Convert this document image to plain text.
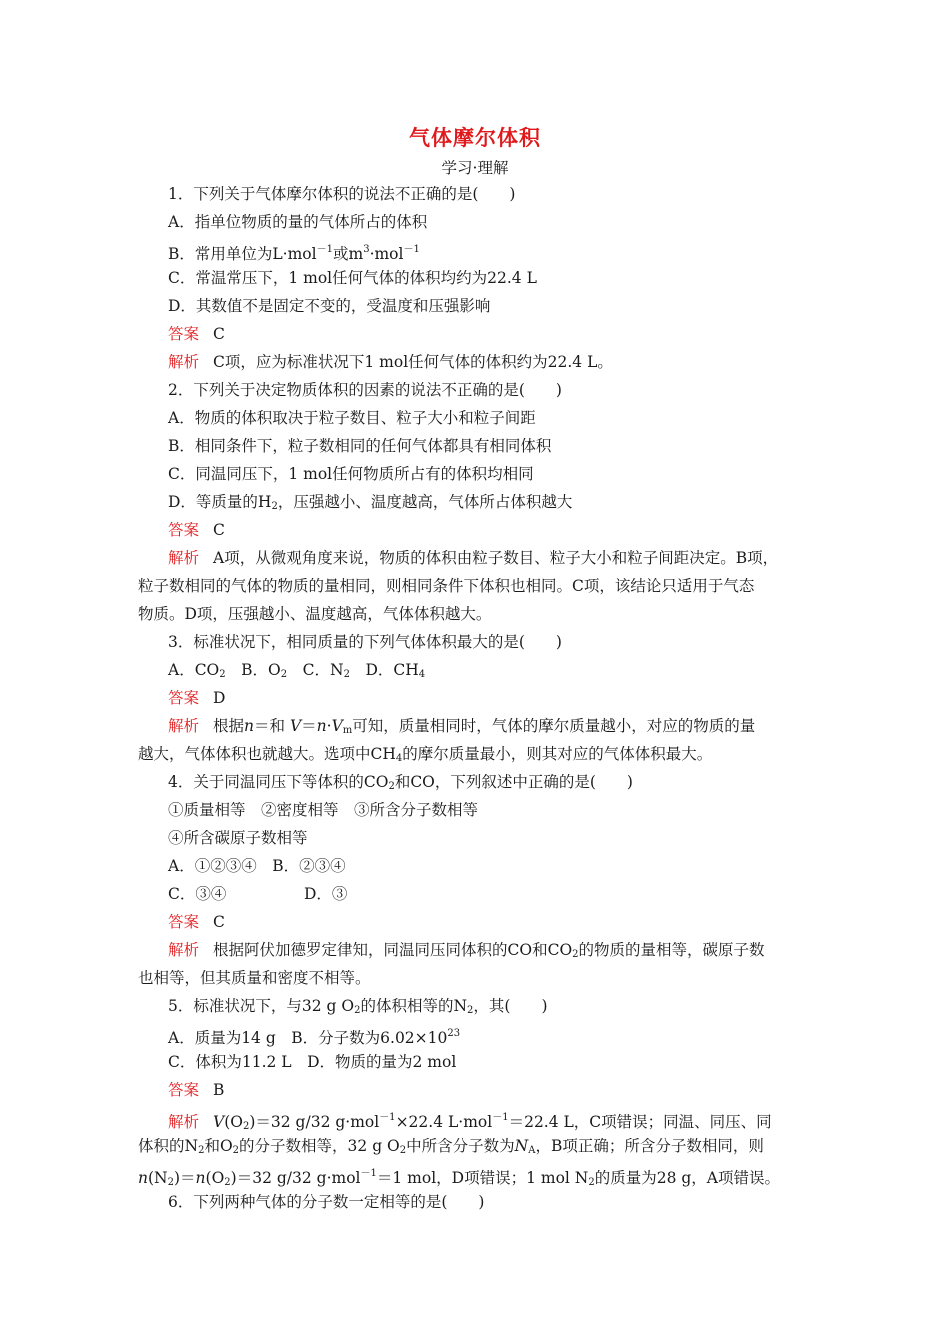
气体摩尔体积
学习·理解
1．下列关于气体摩尔体积的说法不正确的是(　　)
A．指单位物质的量的气体所占的体积
B．常用单位为L·mol$^{-1}$或$m^3\cdot mol^{-1}$
C．常温常压下，1 mol任何气体的体积均约为22.4 L
D．其数值不是固定不变的，受温度和压强影响
答案 C
解析 C项，应为标准状况下1 mol任何气体的体积约为22.4 L。
2．下列关于决定物质体积的因素的说法不正确的是(　　)
A．物质的体积取决于粒子数目、粒子大小和粒子间距
B．相同条件下，粒子数相同的任何气体都具有相同体积
C．同温同压下，1 mol任何物质所占有的体积均相同
D．等质量的$H_2$，压强越小、温度越高，气体所占体积越大
答案 C
解析 A项，从微观角度来说，物质的体积由粒子数目、粒子大小和粒子间距决定。B项，
粒子数相同的气体的物质的量相同，则相同条件下体积也相同。C项，该结论只适用于气态
物质。D项，压强越小、温度越高，气体体积越大。
3．标准状况下，相同质量的下列气体体积最大的是(　　)
A．$CO_2$　B．$O_2$　C．$N_2$　D．$CH_4$
答案 D
解析 根据n＝和 $V=n\cdot V_m$可知，质量相同时，气体的摩尔质量越小，对应的物质的量
越大，气体体积也就越大。选项中$CH_4$的摩尔质量最小，则其对应的气体体积最大。
4．关于同温同压下等体积的$CO_2$和CO，下列叙述中正确的是(　　)
①质量相等　②密度相等　③所含分子数相等
④所含碳原子数相等
A．①②③④　B．②③④
C．③④	D．③
答案 C
解析 根据阿伏加德罗定律知，同温同压同体积的CO和$CO_2$的物质的量相等，碳原子数
也相等，但其质量和密度不相等。
5．标准状况下，与32 g $O_2$的体积相等的$N_2$，其(　　)
A．质量为14 g　B．分子数为$6.02\times 10^{23}$
C．体积为11.2 L　D．物质的量为2 mol
答案 B
解析 $V(O_2)=32$ g/32 g·mol$^{-1}$×22.4 L·mol$^{-1}$＝22.4 L，C项错误；同温、同压、同
体积的$N_2$和$O_2$的分子数相等，32 g $O_2$中所含分子数为$N_A$，B项正确；所含分子数相同，则
$n(N_2)=n(O_2)=32$ g/32 g·mol$^{-1}$＝1 mol，D项错误；1 mol $N_2$的质量为28 g，A项错误。
6．下列两种气体的分子数一定相等的是(　　)
